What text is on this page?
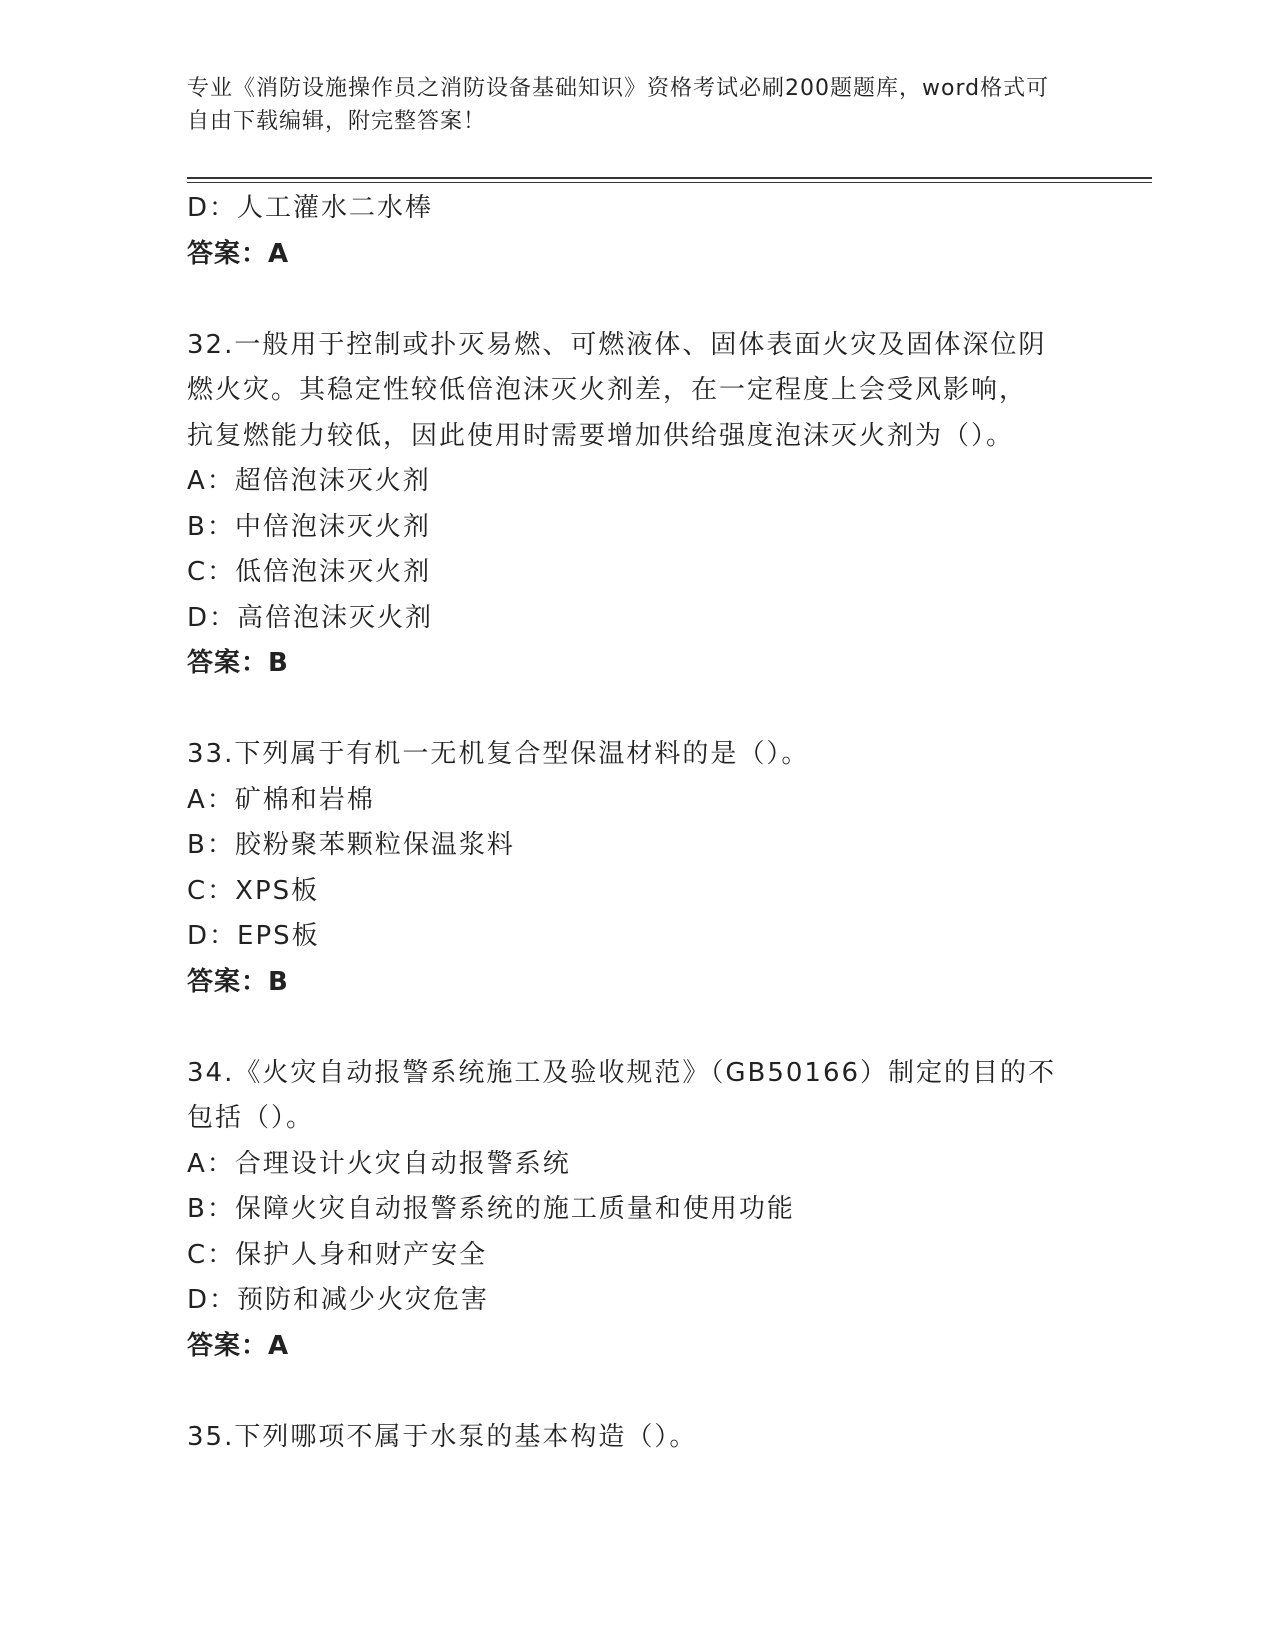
专业《消防设施操作员之消防设备基础知识》资格考试必刷200题题库，word格式可自由下载编辑，附完整答案！
D：人工灌水二水棒
答案：A
32.一般用于控制或扑灭易燃、可燃液体、固体表面火灾及固体深位阴
燃火灾。其稳定性较低倍泡沫灭火剂差，在一定程度上会受风影响，
抗复燃能力较低，因此使用时需要增加供给强度泡沫灭火剂为（）。
A：超倍泡沫灭火剂
B：中倍泡沫灭火剂
C：低倍泡沫灭火剂
D：高倍泡沫灭火剂
答案：B
33.下列属于有机一无机复合型保温材料的是（）。
A：矿棉和岩棉
B：胶粉聚苯颗粒保温浆料
C：XPS板
D：EPS板
答案：B
34.《火灾自动报警系统施工及验收规范》（GB50166）制定的目的不
包括（）。
A：合理设计火灾自动报警系统
B：保障火灾自动报警系统的施工质量和使用功能
C：保护人身和财产安全
D：预防和减少火灾危害
答案：A
35.下列哪项不属于水泵的基本构造（）。
